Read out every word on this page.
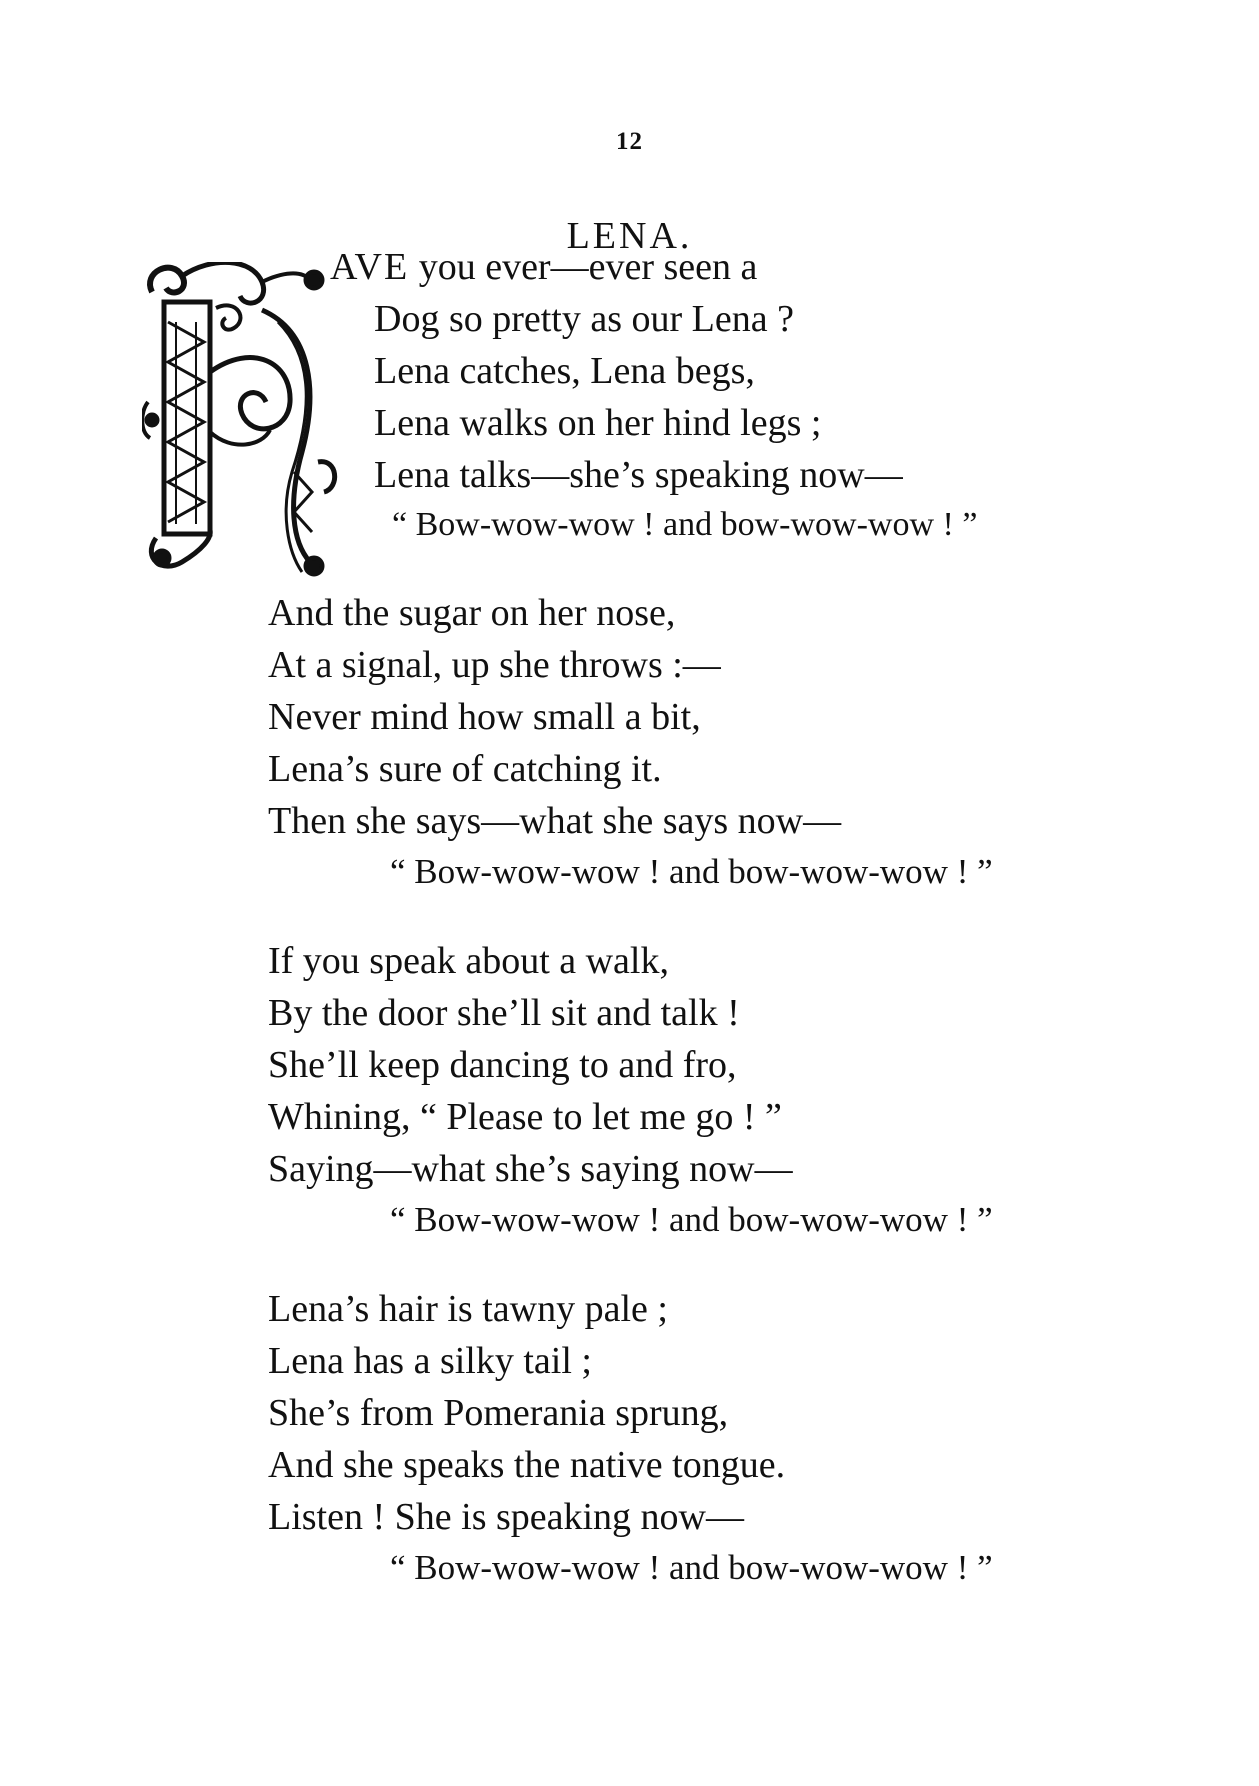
12
LENA.
AVE you ever—ever seen a
Dog so pretty as our Lena ?
Lena catches, Lena begs,
Lena walks on her hind legs ;
Lena talks—she’s speaking now—
“ Bow-wow-wow ! and bow-wow-wow ! ”
And the sugar on her nose,
At a signal, up she throws :—
Never mind how small a bit,
Lena’s sure of catching it.
Then she says—what she says now—
“ Bow-wow-wow ! and bow-wow-wow ! ”
If you speak about a walk,
By the door she’ll sit and talk !
She’ll keep dancing to and fro,
Whining, “ Please to let me go ! ”
Saying—what she’s saying now—
“ Bow-wow-wow ! and bow-wow-wow ! ”
Lena’s hair is tawny pale ;
Lena has a silky tail ;
She’s from Pomerania sprung,
And she speaks the native tongue.
Listen ! She is speaking now—
“ Bow-wow-wow ! and bow-wow-wow ! ”
